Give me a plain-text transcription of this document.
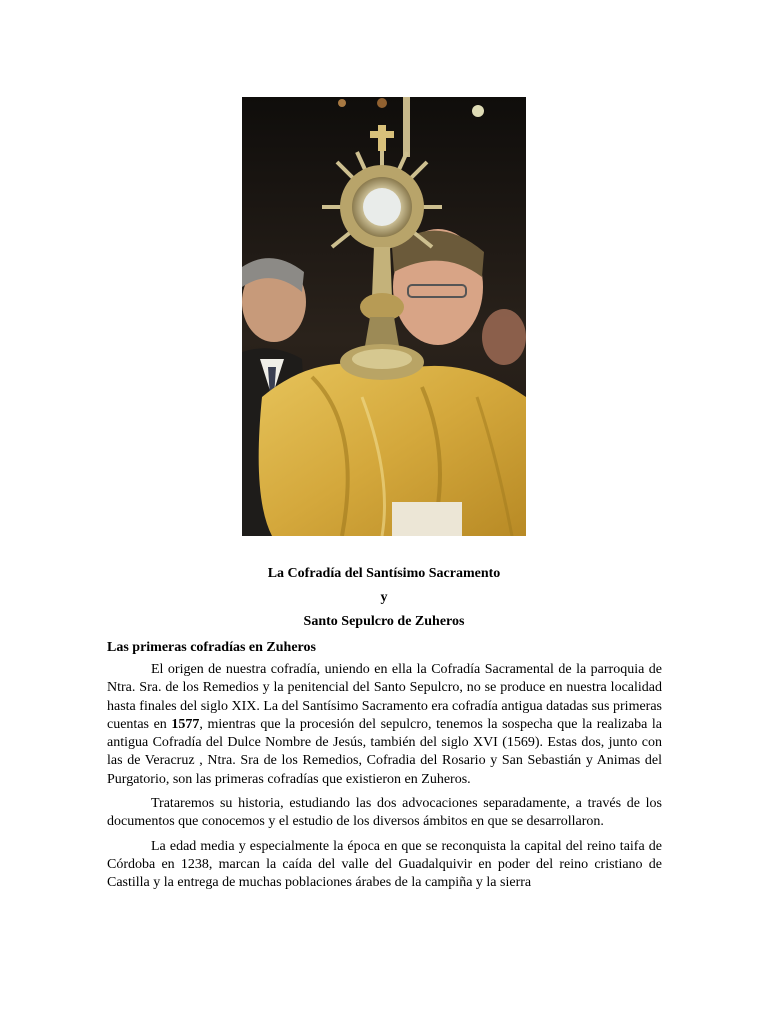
La Cofradía del Santísimo Sacramento

y

Santo Sepulcro de Zuheros

Las primeras cofradías en Zuheros

El origen de nuestra cofradía, uniendo en ella la Cofradía Sacramental de la parroquia de Ntra. Sra. de los Remedios y la penitencial del Santo Sepulcro, no se produce en nuestra localidad hasta finales del siglo XIX. La del Santísimo Sacramento era cofradía antigua datadas sus primeras cuentas en 1577, mientras que la procesión del sepulcro, tenemos la sospecha que la realizaba la antigua Cofradía del Dulce Nombre de Jesús, también del siglo XVI (1569). Estas dos, junto con las de Veracruz , Ntra. Sra de los Remedios, Cofradia del Rosario y San Sebastián y Animas del Purgatorio, son las primeras cofradías que existieron en Zuheros.

Trataremos su historia, estudiando las dos advocaciones separadamente, a través de los documentos que conocemos y el estudio de los diversos ámbitos en que se desarrollaron.

La edad media y especialmente la época en que se reconquista la capital del reino taifa de Córdoba en 1238, marcan la caída del valle del Guadalquivir en poder del reino cristiano de Castilla y la entrega de muchas poblaciones árabes de la campiña y la sierra
